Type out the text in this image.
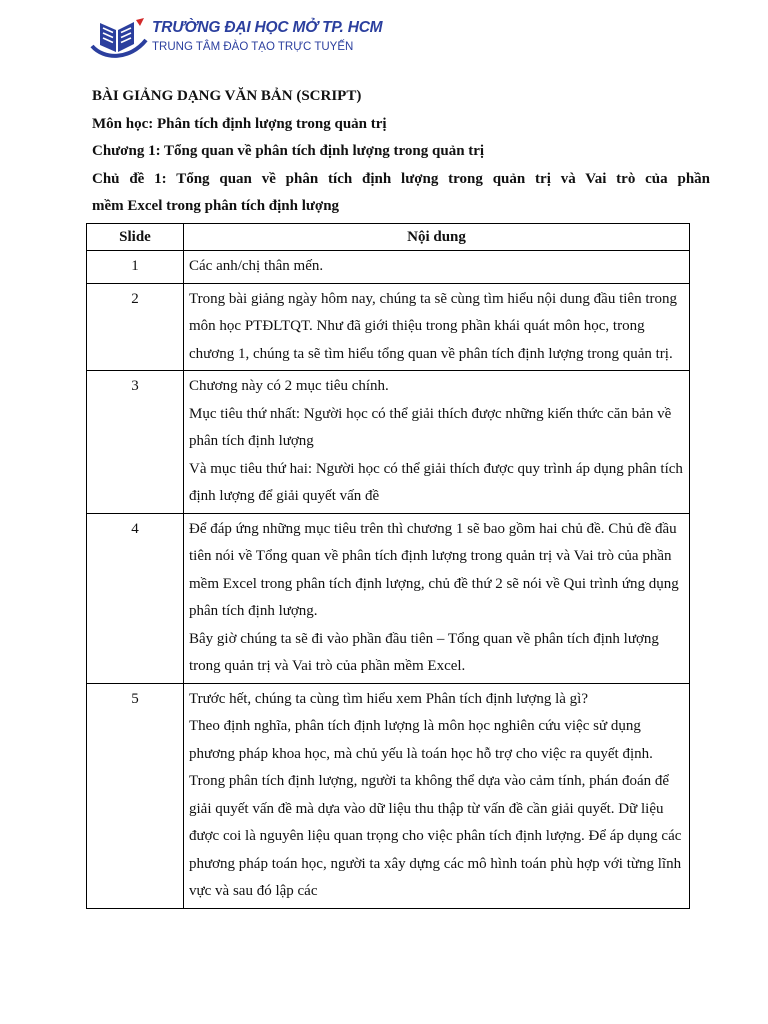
TRƯỜNG ĐẠI HỌC MỞ TP. HCM
TRUNG TÂM ĐÀO TẠO TRỰC TUYẾN
BÀI GIẢNG DẠNG VĂN BẢN (SCRIPT)
Môn học: Phân tích định lượng trong quản trị
Chương 1: Tổng quan về phân tích định lượng trong quản trị
Chủ đề 1: Tổng quan về phân tích định lượng trong quản trị và Vai trò của phần
mềm Excel trong phân tích định lượng
Slide	Nội dung
1	Các anh/chị thân mến.

2	Trong bài giảng ngày hôm nay, chúng ta sẽ cùng tìm hiểu nội dung đầu tiên trong môn học PTĐLTQT. Như đã giới thiệu trong phần khái quát môn học, trong chương 1, chúng ta sẽ tìm hiểu tổng quan về phân tích định lượng trong quản trị.

3	Chương này có 2 mục tiêu chính.

Mục tiêu thứ nhất: Người học có thể giải thích được những kiến thức căn bản về phân tích định lượng

Và mục tiêu thứ hai: Người học có thể giải thích được quy trình áp dụng phân tích định lượng để giải quyết vấn đề

4	Để đáp ứng những mục tiêu trên thì chương 1 sẽ bao gồm hai chủ đề. Chủ đề đầu tiên nói về Tổng quan về phân tích định lượng trong quản trị và Vai trò của phần mềm Excel trong phân tích định lượng, chủ đề thứ 2 sẽ nói về Qui trình ứng dụng phân tích định lượng.

Bây giờ chúng ta sẽ đi vào phần đầu tiên – Tổng quan về phân tích định lượng trong quản trị và Vai trò của phần mềm Excel.

5	Trước hết, chúng ta cùng tìm hiểu xem Phân tích định lượng là gì?

Theo định nghĩa, phân tích định lượng là môn học nghiên cứu việc sử dụng phương pháp khoa học, mà chủ yếu là toán học hỗ trợ cho việc ra quyết định. Trong phân tích định lượng, người ta không thể dựa vào cảm tính, phán đoán để giải quyết vấn đề mà dựa vào dữ liệu thu thập từ vấn đề cần giải quyết. Dữ liệu được coi là nguyên liệu quan trọng cho việc phân tích định lượng. Để áp dụng các phương pháp toán học, người ta xây dựng các mô hình toán phù hợp với từng lĩnh vực và sau đó lập các
